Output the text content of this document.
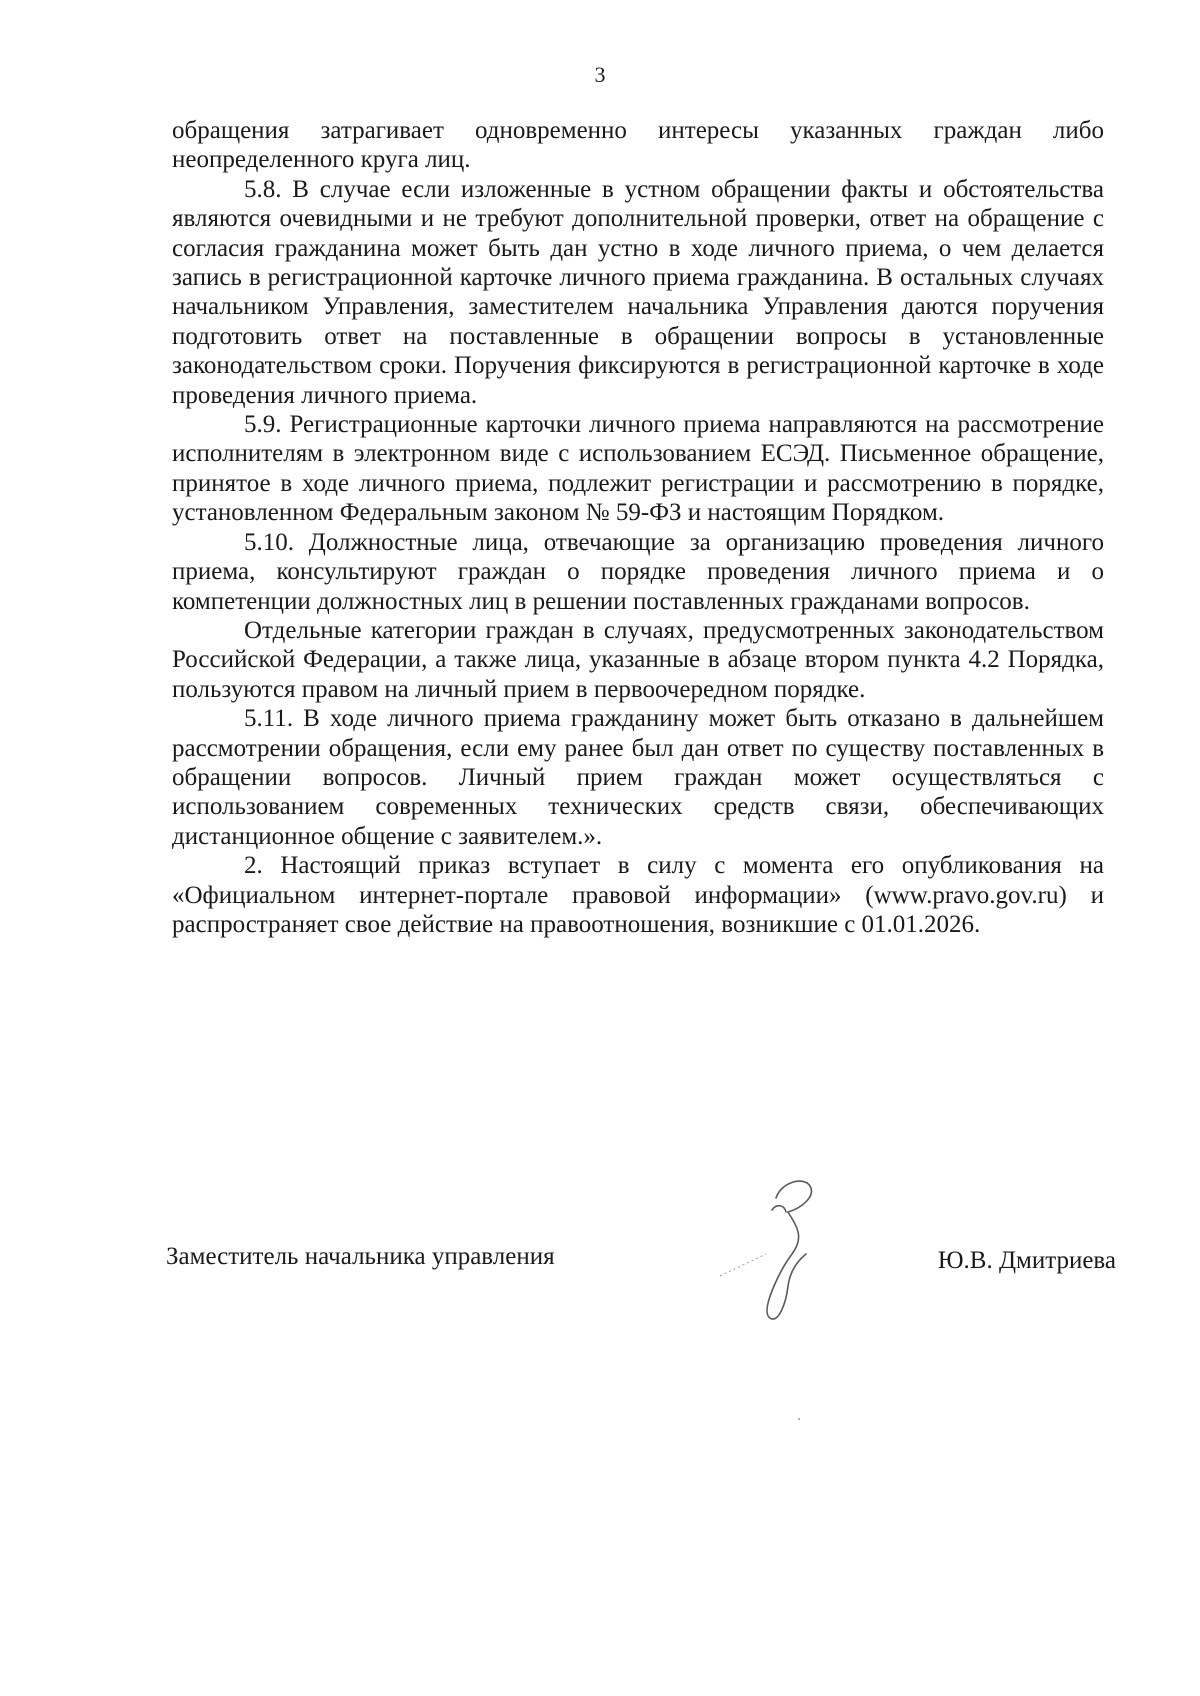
3

обращения затрагивает одновременно интересы указанных граждан либо неопределенного круга лиц.

5.8. В случае если изложенные в устном обращении факты и обстоятельства являются очевидными и не требуют дополнительной проверки, ответ на обращение с согласия гражданина может быть дан устно в ходе личного приема, о чем делается запись в регистрационной карточке личного приема гражданина. В остальных случаях начальником Управления, заместителем начальника Управления даются поручения подготовить ответ на поставленные в обращении вопросы в установленные законодательством сроки. Поручения фиксируются в регистрационной карточке в ходе проведения личного приема.

5.9. Регистрационные карточки личного приема направляются на рассмотрение исполнителям в электронном виде с использованием ЕСЭД. Письменное обращение, принятое в ходе личного приема, подлежит регистрации и рассмотрению в порядке, установленном Федеральным законом № 59-ФЗ и настоящим Порядком.

5.10. Должностные лица, отвечающие за организацию проведения личного приема, консультируют граждан о порядке проведения личного приема и о компетенции должностных лиц в решении поставленных гражданами вопросов.

Отдельные категории граждан в случаях, предусмотренных законодательством Российской Федерации, а также лица, указанные в абзаце втором пункта 4.2 Порядка, пользуются правом на личный прием в первоочередном порядке.

5.11. В ходе личного приема гражданину может быть отказано в дальнейшем рассмотрении обращения, если ему ранее был дан ответ по существу поставленных в обращении вопросов. Личный прием граждан может осуществляться с использованием современных технических средств связи, обеспечивающих дистанционное общение с заявителем.».

2. Настоящий приказ вступает в силу с момента его опубликования на «Официальном интернет-портале правовой информации» (www.pravo.gov.ru) и распространяет свое действие на правоотношения, возникшие с 01.01.2026.

Заместитель начальника управления	Ю.В. Дмитриева
